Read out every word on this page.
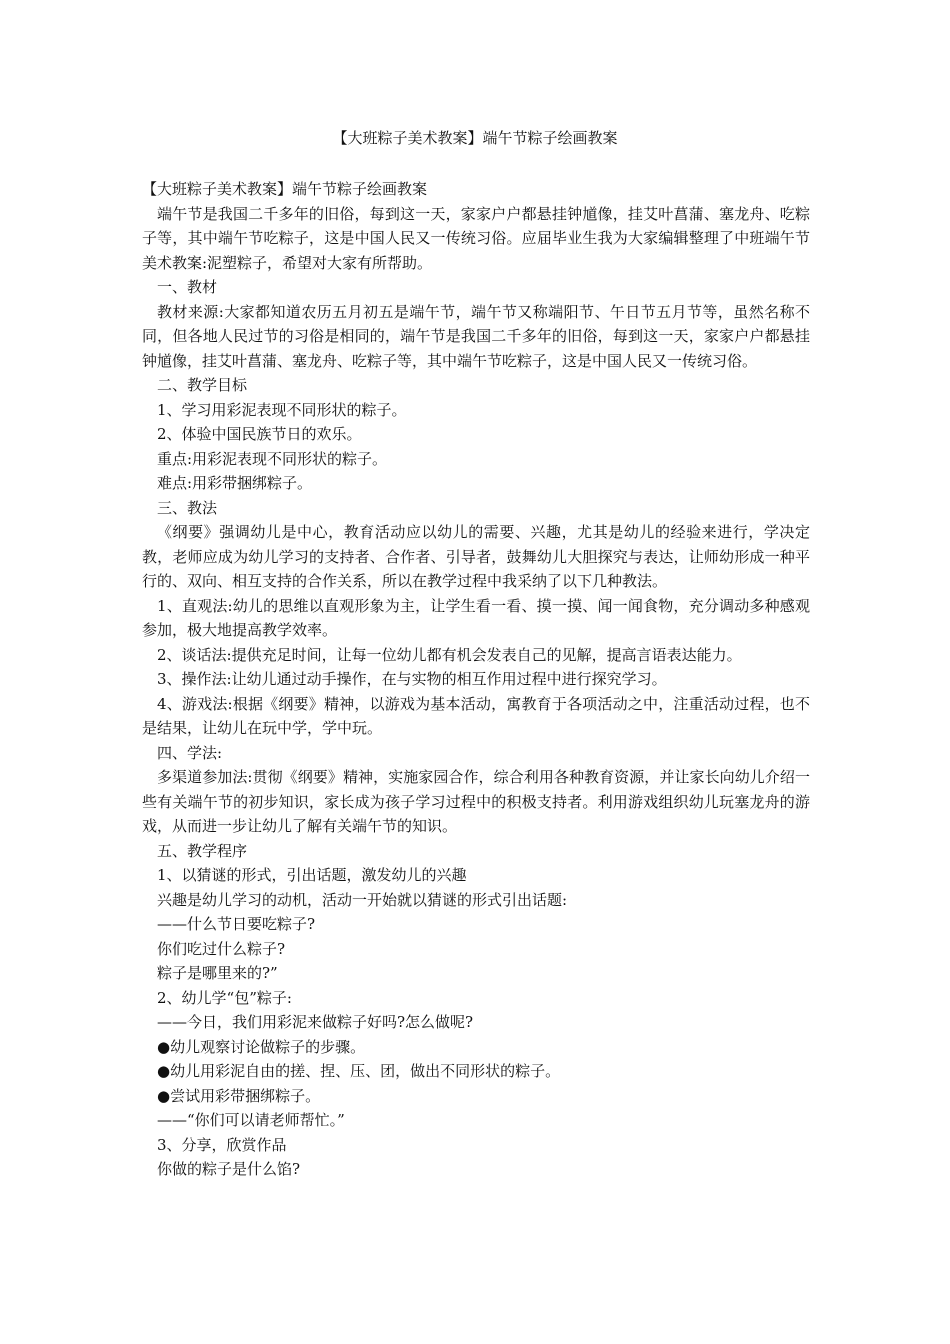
【大班粽子美术教案】端午节粽子绘画教案

【大班粽子美术教案】端午节粽子绘画教案

端午节是我国二千多年的旧俗，每到这一天，家家户户都悬挂钟馗像，挂艾叶菖蒲、塞龙舟、吃粽子等，其中端午节吃粽子，这是中国人民又一传统习俗。应届毕业生我为大家编辑整理了中班端午节美术教案:泥塑粽子，希望对大家有所帮助。

一、教材

教材来源:大家都知道农历五月初五是端午节，端午节又称端阳节、午日节五月节等，虽然名称不同，但各地人民过节的习俗是相同的，端午节是我国二千多年的旧俗，每到这一天，家家户户都悬挂钟馗像，挂艾叶菖蒲、塞龙舟、吃粽子等，其中端午节吃粽子，这是中国人民又一传统习俗。

二、教学目标

1、学习用彩泥表现不同形状的粽子。

2、体验中国民族节日的欢乐。

重点:用彩泥表现不同形状的粽子。

难点:用彩带捆绑粽子。

三、教法

《纲要》强调幼儿是中心，教育活动应以幼儿的需要、兴趣，尤其是幼儿的经验来进行，学决定教，老师应成为幼儿学习的支持者、合作者、引导者，鼓舞幼儿大胆探究与表达，让师幼形成一种平行的、双向、相互支持的合作关系，所以在教学过程中我采纳了以下几种教法。

1、直观法:幼儿的思维以直观形象为主，让学生看一看、摸一摸、闻一闻食物，充分调动多种感观参加，极大地提高教学效率。

2、谈话法:提供充足时间，让每一位幼儿都有机会发表自己的见解，提高言语表达能力。

3、操作法:让幼儿通过动手操作，在与实物的相互作用过程中进行探究学习。

4、游戏法:根据《纲要》精神，以游戏为基本活动，寓教育于各项活动之中，注重活动过程，也不是结果，让幼儿在玩中学，学中玩。

四、学法:

多渠道参加法:贯彻《纲要》精神，实施家园合作，综合利用各种教育资源，并让家长向幼儿介绍一些有关端午节的初步知识，家长成为孩子学习过程中的积极支持者。利用游戏组织幼儿玩塞龙舟的游戏，从而进一步让幼儿了解有关端午节的知识。

五、教学程序

1、以猜谜的形式，引出话题，激发幼儿的兴趣

兴趣是幼儿学习的动机，活动一开始就以猜谜的形式引出话题:

——什么节日要吃粽子?

你们吃过什么粽子?

粽子是哪里来的?”

2、幼儿学“包”粽子:

——今日，我们用彩泥来做粽子好吗?怎么做呢?

●幼儿观察讨论做粽子的步骤。

●幼儿用彩泥自由的搓、捏、压、团，做出不同形状的粽子。

●尝试用彩带捆绑粽子。

——“你们可以请老师帮忙。”

3、分享，欣赏作品

你做的粽子是什么馅?
